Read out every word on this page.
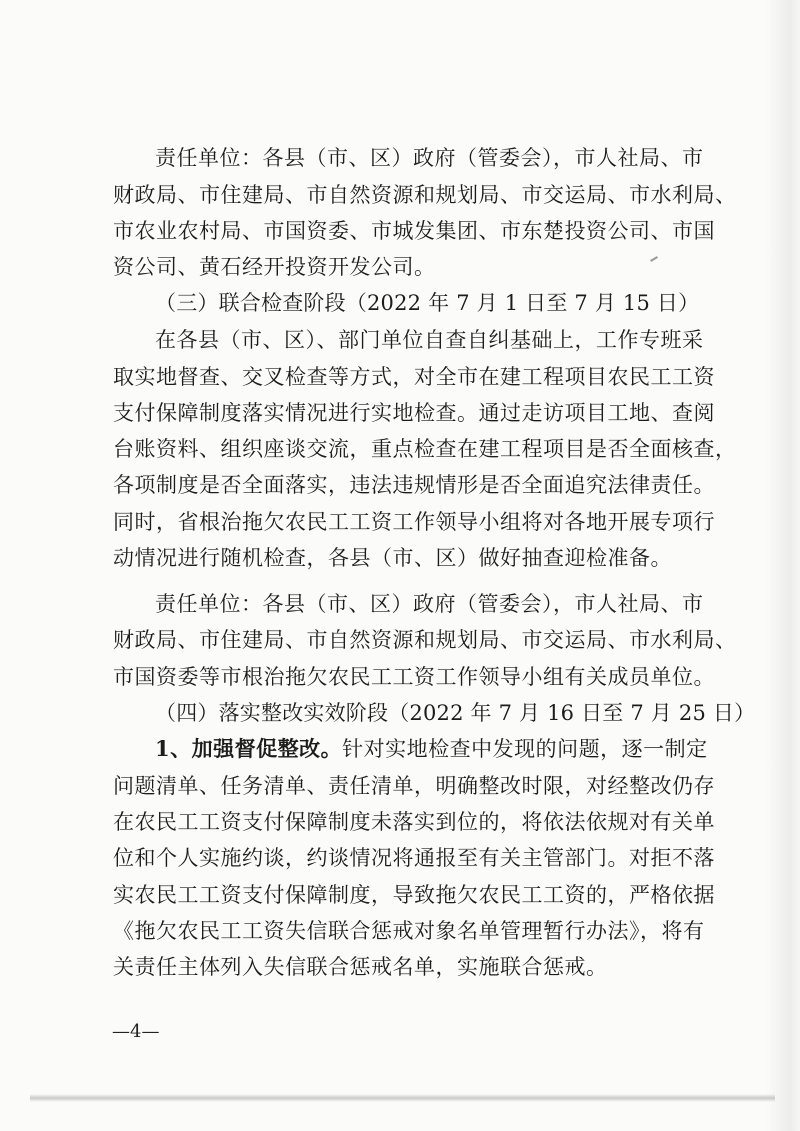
责任单位：各县（市、区）政府（管委会），市人社局、市
财政局、市住建局、市自然资源和规划局、市交运局、市水利局、
市农业农村局、市国资委、市城发集团、市东楚投资公司、市国
资公司、黄石经开投资开发公司。
（三）联合检查阶段（2022 年 7 月 1 日至 7 月 15 日）
在各县（市、区）、部门单位自查自纠基础上，工作专班采
取实地督查、交叉检查等方式，对全市在建工程项目农民工工资
支付保障制度落实情况进行实地检查。通过走访项目工地、查阅
台账资料、组织座谈交流，重点检查在建工程项目是否全面核查，
各项制度是否全面落实，违法违规情形是否全面追究法律责任。
同时，省根治拖欠农民工工资工作领导小组将对各地开展专项行
动情况进行随机检查，各县（市、区）做好抽查迎检准备。
责任单位：各县（市、区）政府（管委会），市人社局、市
财政局、市住建局、市自然资源和规划局、市交运局、市水利局、
市国资委等市根治拖欠农民工工资工作领导小组有关成员单位。
（四）落实整改实效阶段（2022 年 7 月 16 日至 7 月 25 日）
1、加强督促整改。针对实地检查中发现的问题，逐一制定
问题清单、任务清单、责任清单，明确整改时限，对经整改仍存
在农民工工资支付保障制度未落实到位的，将依法依规对有关单
位和个人实施约谈，约谈情况将通报至有关主管部门。对拒不落
实农民工工资支付保障制度，导致拖欠农民工工资的，严格依据
《拖欠农民工工资失信联合惩戒对象名单管理暂行办法》，将有
关责任主体列入失信联合惩戒名单，实施联合惩戒。
—4—
